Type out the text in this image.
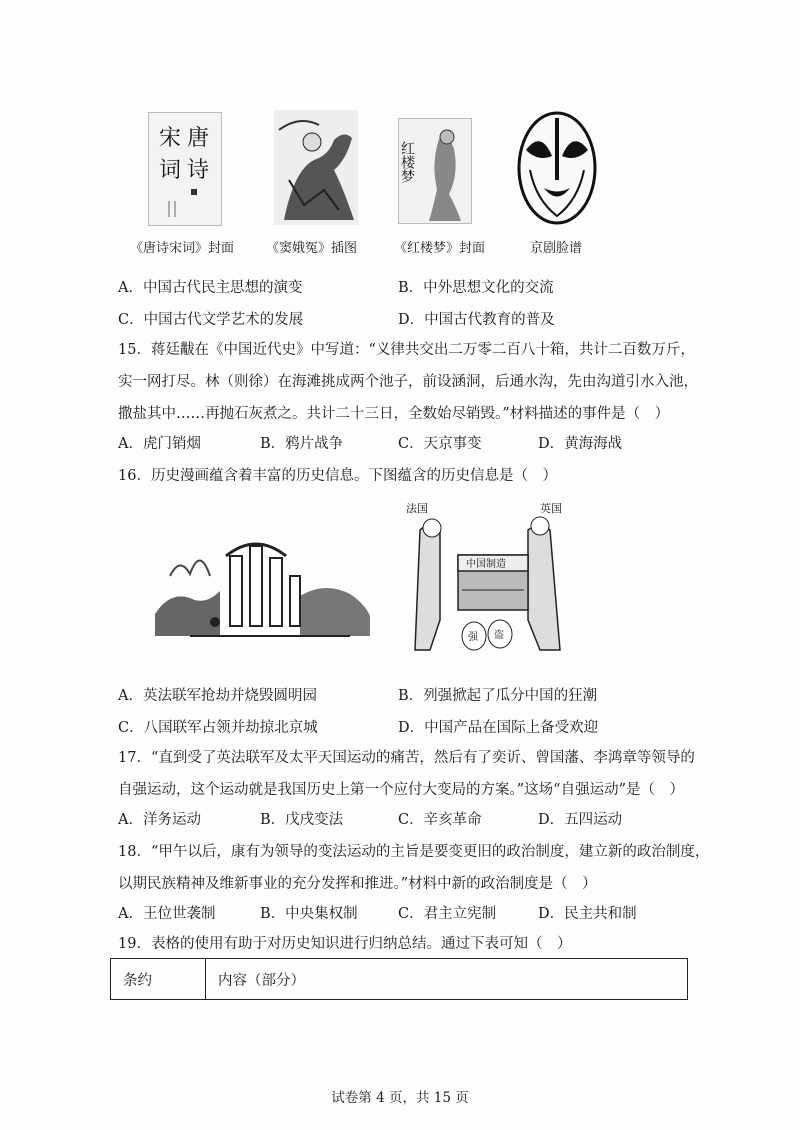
宋 唐
词 诗	红楼梦
《唐诗宋词》封面 《窦娥冤》插图	《红楼梦》封面	京剧脸谱
A．中国古代民主思想的演变	B．中外思想文化的交流
C．中国古代文学艺术的发展	D．中国古代教育的普及
15．蒋廷黻在《中国近代史》中写道：“义律共交出二万零二百八十箱，共计二百数万斤，
实一网打尽。林（则徐）在海滩挑成两个池子，前设涵洞，后通水沟，先由沟道引水入池，
撒盐其中……再抛石灰煮之。共计二十三日，全数始尽销毁。”材料描述的事件是（　）
A．虎门销烟	B．鸦片战争	C．天京事变	D．黄海海战
16．历史漫画蕴含着丰富的历史信息。下图蕴含的历史信息是（　）
法国	英国
中国制造
强 盗
A．英法联军抢劫并烧毁圆明园	B．列强掀起了瓜分中国的狂潮
C．八国联军占领并劫掠北京城	D．中国产品在国际上备受欢迎
17．“直到受了英法联军及太平天国运动的痛苦，然后有了奕䜣、曾国藩、李鸿章等领导的
自强运动，这个运动就是我国历史上第一个应付大变局的方案。”这场“自强运动”是（　）
A．洋务运动	B．戊戌变法	C．辛亥革命	D．五四运动
18．“甲午以后，康有为领导的变法运动的主旨是要变更旧的政治制度，建立新的政治制度，
以期民族精神及维新事业的充分发挥和推进。”材料中新的政治制度是（　）
A．王位世袭制	B．中央集权制	C．君主立宪制	D．民主共和制
19．表格的使用有助于对历史知识进行归纳总结。通过下表可知（　）
条约	内容（部分）
试卷第 4 页，共 15 页
